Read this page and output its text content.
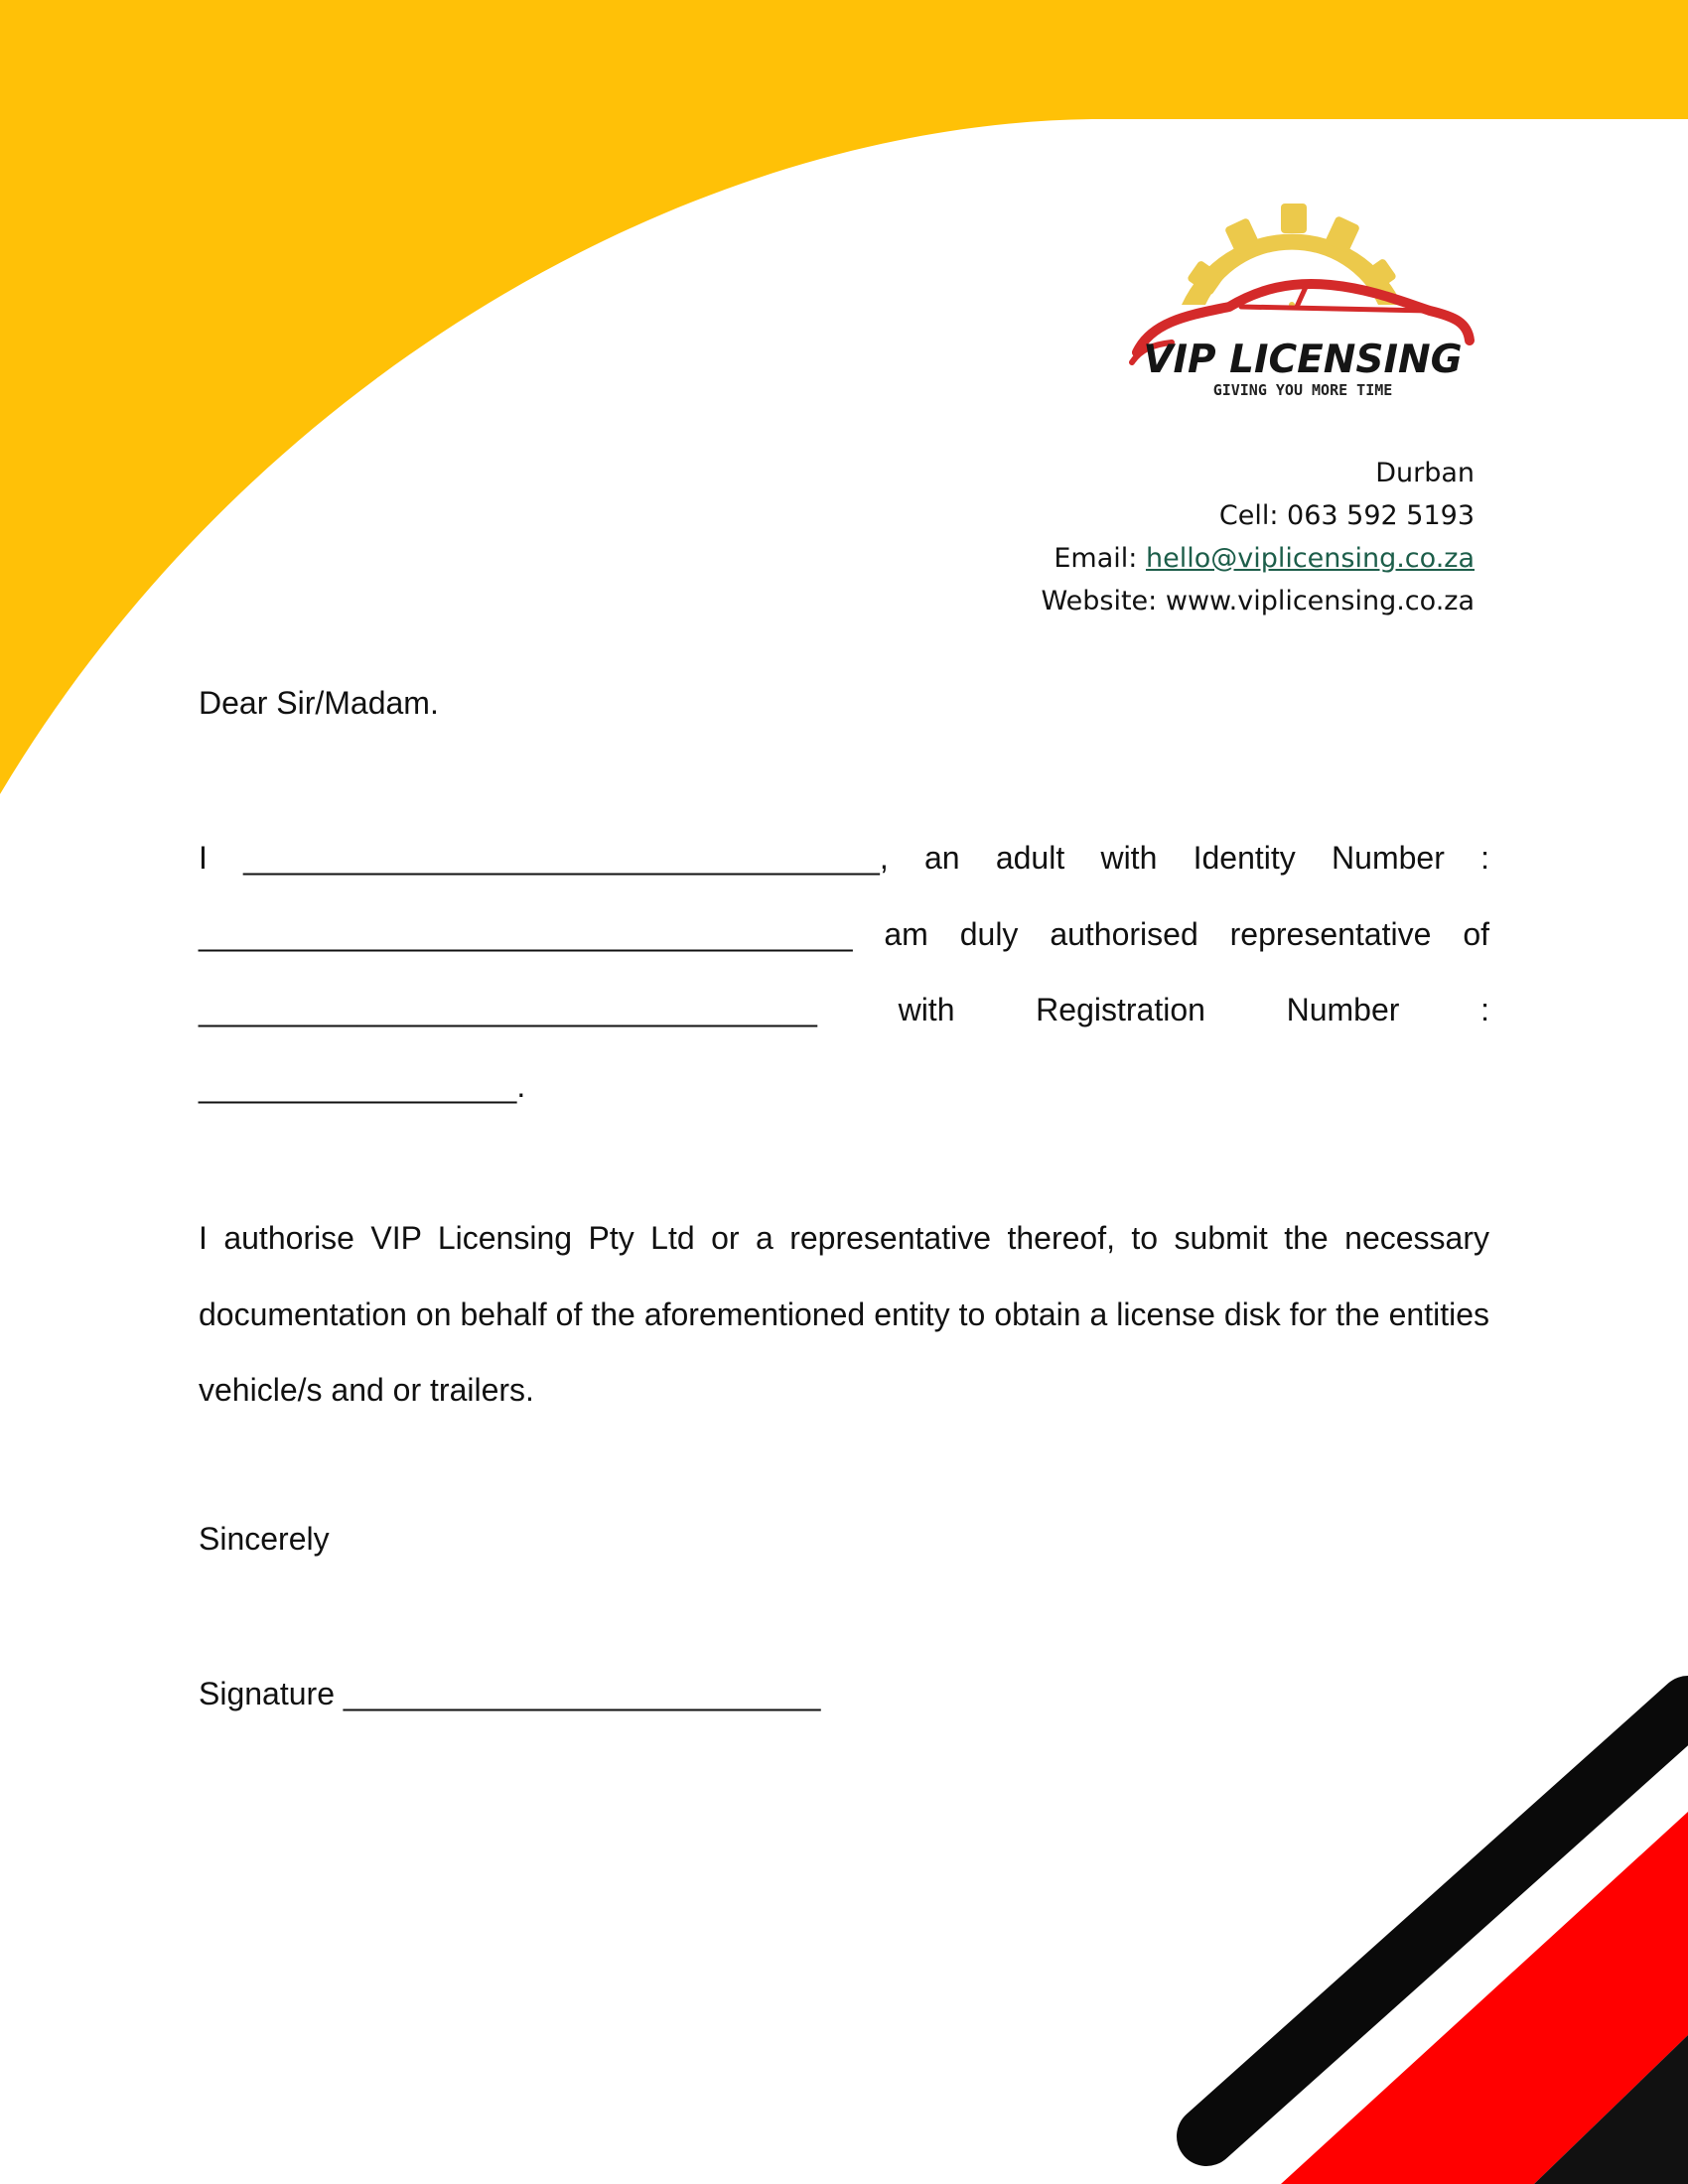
VIP LICENSING
GIVING YOU MORE TIME
Durban
Cell: 063 592 5193
Email: hello@viplicensing.co.za
Website: www.viplicensing.co.za
Dear Sir/Madam.
I ____________________________________, an adult with Identity Number : _____________________________________ am duly authorised representative of ___________________________________ with Registration Number : __________________.
I authorise VIP Licensing Pty Ltd or a representative thereof, to submit the necessary documentation on behalf of the aforementioned entity to obtain a license disk for the entities vehicle/s and or trailers.
Sincerely
Signature ___________________________
